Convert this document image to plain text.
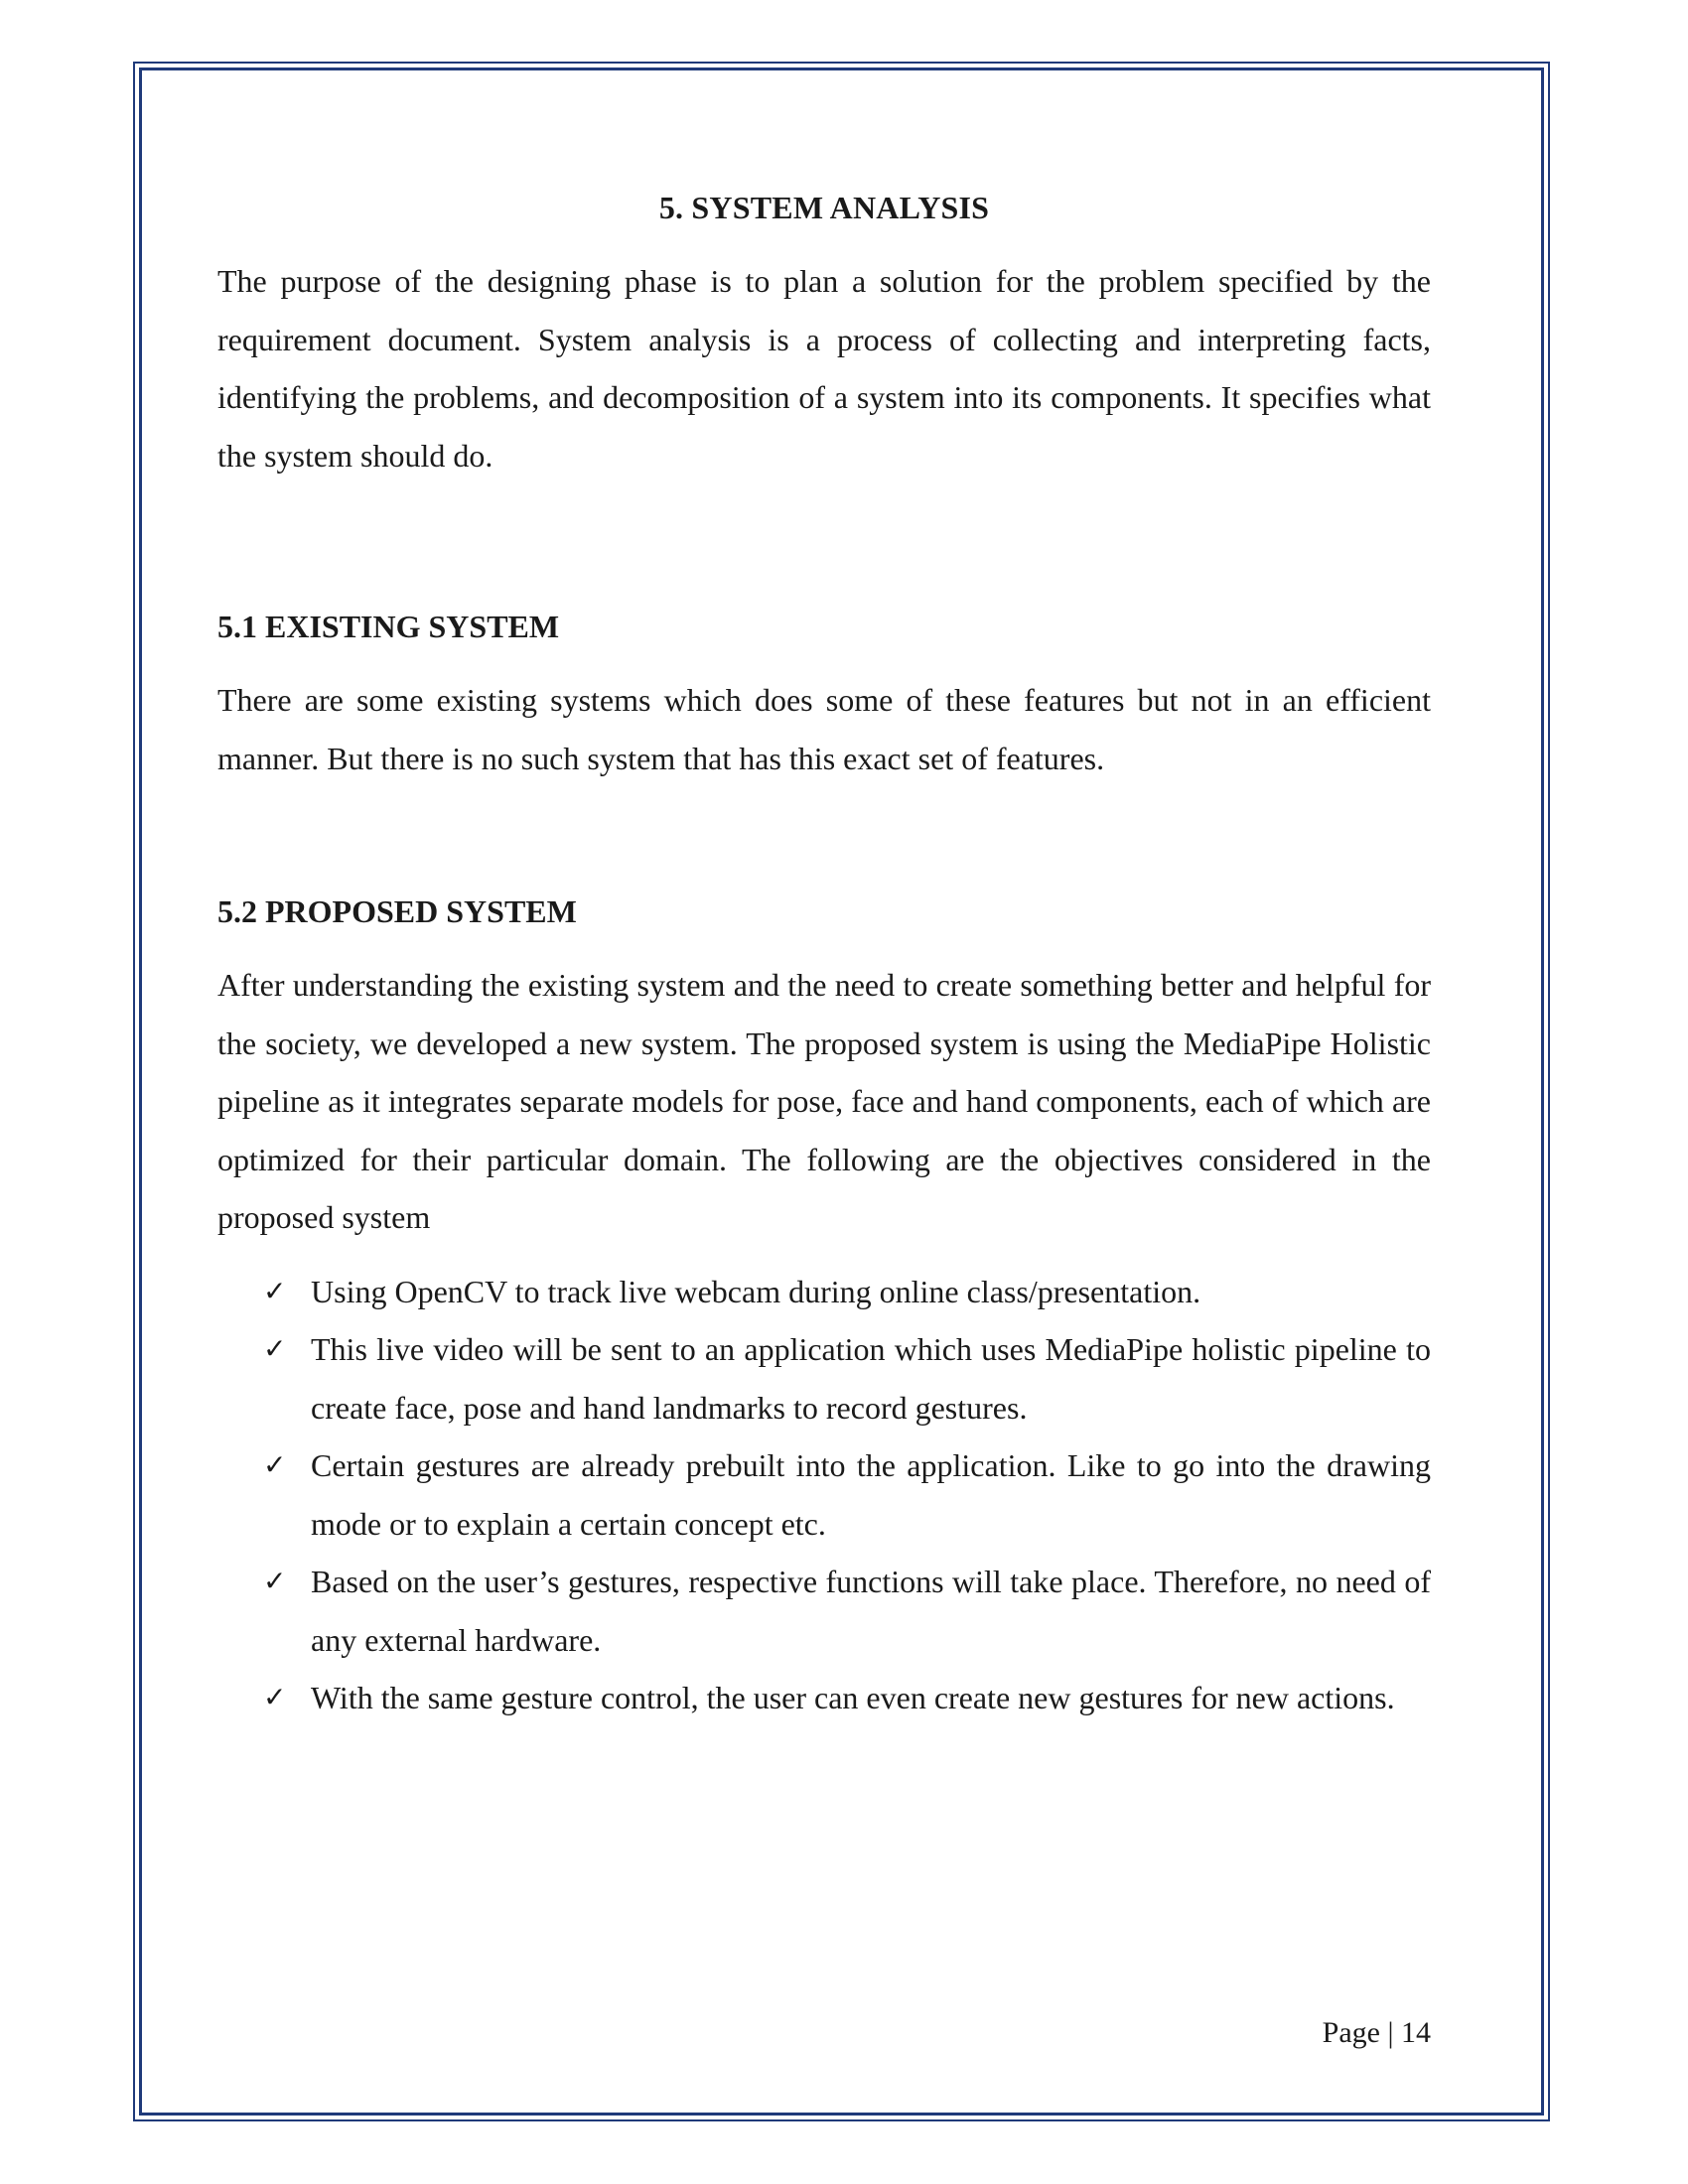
5. SYSTEM ANALYSIS

The purpose of the designing phase is to plan a solution for the problem specified by the requirement document. System analysis is a process of collecting and interpreting facts, identifying the problems, and decomposition of a system into its components. It specifies what the system should do.

5.1 EXISTING SYSTEM

There are some existing systems which does some of these features but not in an efficient manner. But there is no such system that has this exact set of features.

5.2 PROPOSED SYSTEM

After understanding the existing system and the need to create something better and helpful for the society, we developed a new system. The proposed system is using the MediaPipe Holistic pipeline as it integrates separate models for pose, face and hand components, each of which are optimized for their particular domain. The following are the objectives considered in the proposed system

✓ Using OpenCV to track live webcam during online class/presentation.
✓ This live video will be sent to an application which uses MediaPipe holistic pipeline to create face, pose and hand landmarks to record gestures.
✓ Certain gestures are already prebuilt into the application. Like to go into the drawing mode or to explain a certain concept etc.
✓ Based on the user’s gestures, respective functions will take place. Therefore, no need of any external hardware.
✓ With the same gesture control, the user can even create new gestures for new actions.
Page | 14
